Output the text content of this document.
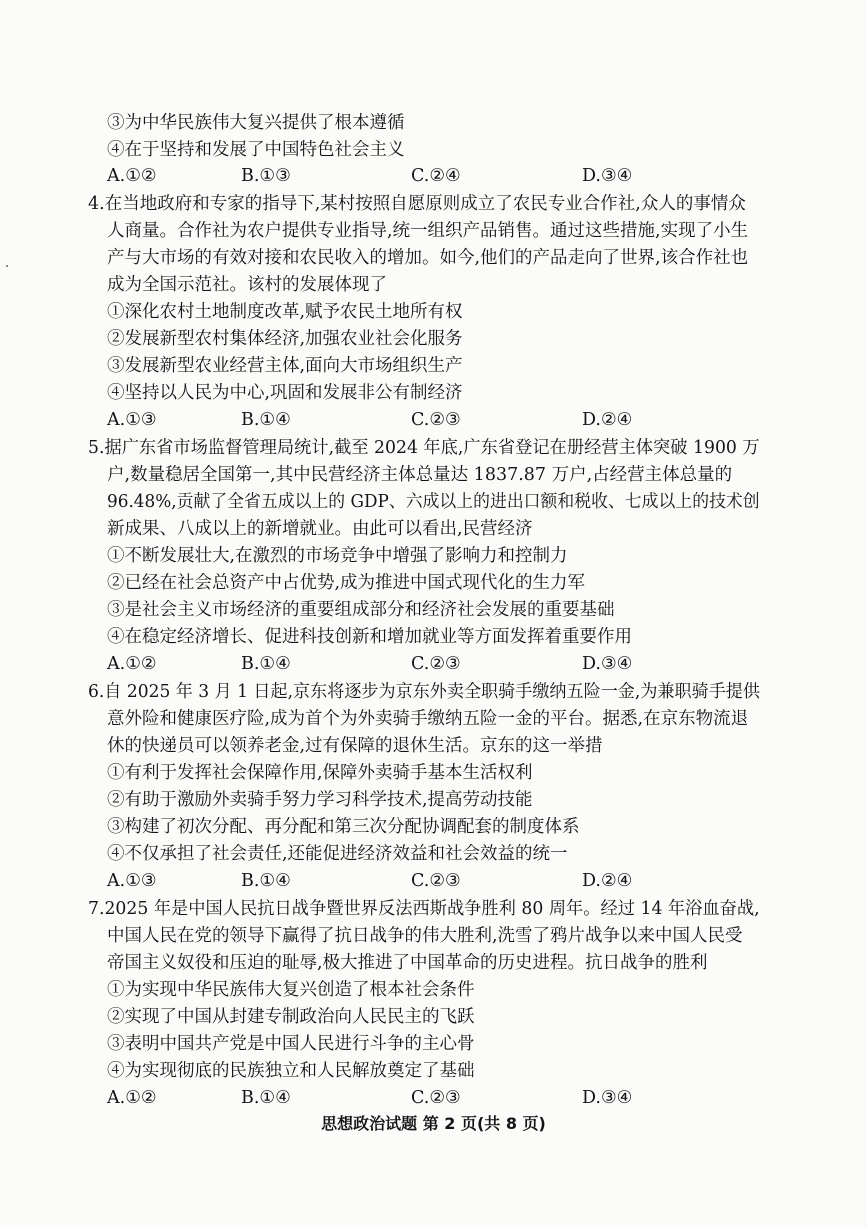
③为中华民族伟大复兴提供了根本遵循
④在于坚持和发展了中国特色社会主义
A.①②	B.①③	C.②④	D.③④
4.在当地政府和专家的指导下,某村按照自愿原则成立了农民专业合作社,众人的事情众
人商量。合作社为农户提供专业指导,统一组织产品销售。通过这些措施,实现了小生
产与大市场的有效对接和农民收入的增加。如今,他们的产品走向了世界,该合作社也
成为全国示范社。该村的发展体现了
①深化农村土地制度改革,赋予农民土地所有权
②发展新型农村集体经济,加强农业社会化服务
③发展新型农业经营主体,面向大市场组织生产
④坚持以人民为中心,巩固和发展非公有制经济
A.①③	B.①④	C.②③	D.②④
5.据广东省市场监督管理局统计,截至 2024 年底,广东省登记在册经营主体突破 1900 万
户,数量稳居全国第一,其中民营经济主体总量达 1837.87 万户,占经营主体总量的
96.48%,贡献了全省五成以上的 GDP、六成以上的进出口额和税收、七成以上的技术创
新成果、八成以上的新增就业。由此可以看出,民营经济
①不断发展壮大,在激烈的市场竞争中增强了影响力和控制力
②已经在社会总资产中占优势,成为推进中国式现代化的生力军
③是社会主义市场经济的重要组成部分和经济社会发展的重要基础
④在稳定经济增长、促进科技创新和增加就业等方面发挥着重要作用
A.①②	B.①④	C.②③	D.③④
6.自 2025 年 3 月 1 日起,京东将逐步为京东外卖全职骑手缴纳五险一金,为兼职骑手提供
意外险和健康医疗险,成为首个为外卖骑手缴纳五险一金的平台。据悉,在京东物流退
休的快递员可以领养老金,过有保障的退休生活。京东的这一举措
①有利于发挥社会保障作用,保障外卖骑手基本生活权利
②有助于激励外卖骑手努力学习科学技术,提高劳动技能
③构建了初次分配、再分配和第三次分配协调配套的制度体系
④不仅承担了社会责任,还能促进经济效益和社会效益的统一
A.①③	B.①④	C.②③	D.②④
7.2025 年是中国人民抗日战争暨世界反法西斯战争胜利 80 周年。经过 14 年浴血奋战,
中国人民在党的领导下赢得了抗日战争的伟大胜利,洗雪了鸦片战争以来中国人民受
帝国主义奴役和压迫的耻辱,极大推进了中国革命的历史进程。抗日战争的胜利
①为实现中华民族伟大复兴创造了根本社会条件
②实现了中国从封建专制政治向人民民主的飞跃
③表明中国共产党是中国人民进行斗争的主心骨
④为实现彻底的民族独立和人民解放奠定了基础
A.①②	B.①④	C.②③	D.③④
思想政治试题 第 2 页(共 8 页)
